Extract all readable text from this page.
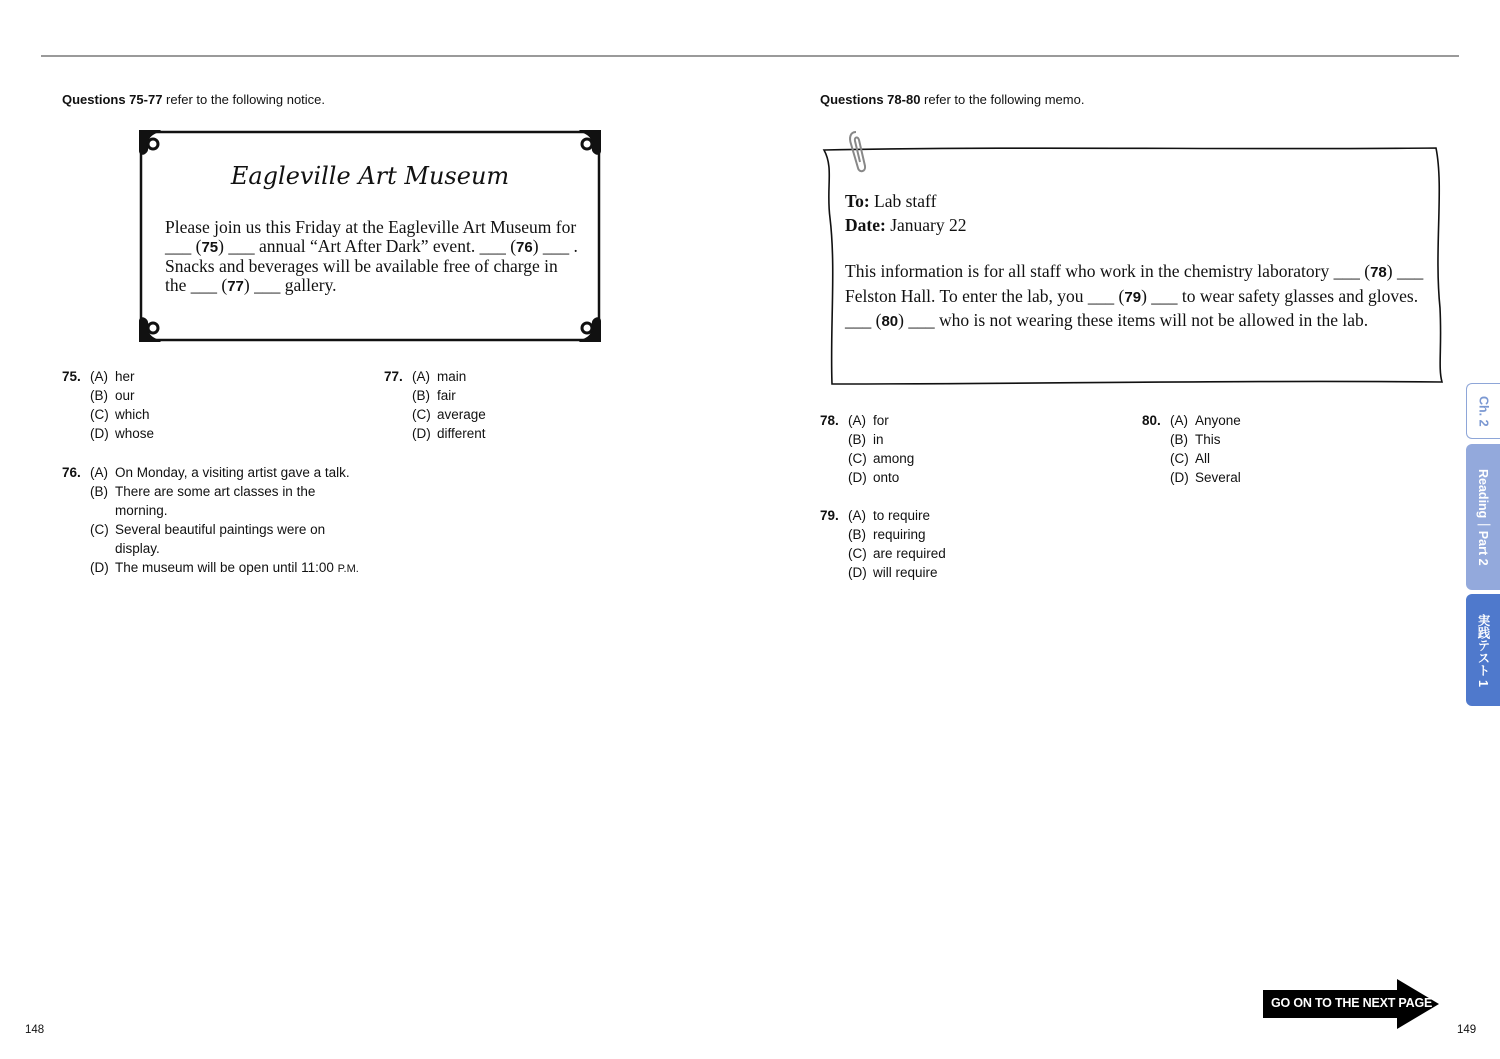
Questions 75-77 refer to the following notice.
Eagleville Art Museum
Please join us this Friday at the Eagleville Art Museum for
___ (75) ___ annual “Art After Dark” event. ___ (76) ___ .
Snacks and beverages will be available free of charge in
the ___ (77) ___ gallery.
75. (A) her
(B) our
(C) which
(D) whose
76. (A) On Monday, a visiting artist gave a talk.
(B) There are some art classes in the
morning.
(C) Several beautiful paintings were on
display.
(D) The museum will be open until 11:00 P.M.
77. (A) main
(B) fair
(C) average
(D) different
148
Questions 78-80 refer to the following memo.
To: Lab staff
Date: January 22
This information is for all staff who work in the chemistry laboratory ___ (78) ___
Felston Hall. To enter the lab, you ___ (79) ___ to wear safety glasses and gloves.
___ (80) ___ who is not wearing these items will not be allowed in the lab.
78. (A) for
(B) in
(C) among
(D) onto
79. (A) to require
(B) requiring
(C) are required
(D) will require
80. (A) Anyone
(B) This
(C) All
(D) Several
Ch. 2
Reading｜Part 2
実践テスト 1
GO ON TO THE NEXT PAGE
149
